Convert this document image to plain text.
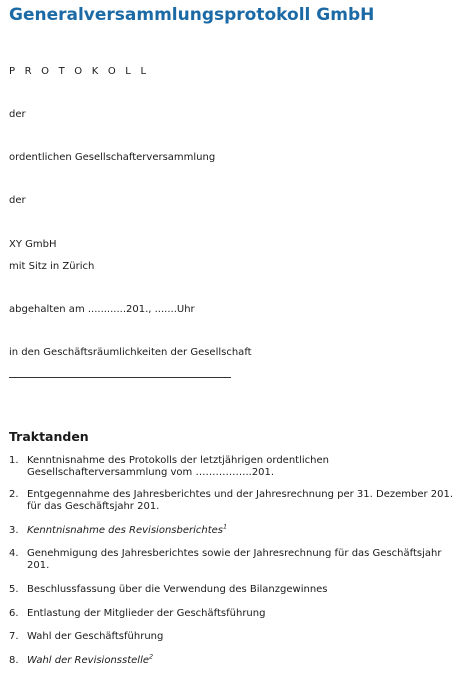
Generalversammlungsprotokoll GmbH
P R O T O K O L L
der
ordentlichen Gesellschafterversammlung
der
XY GmbH
mit Sitz in Zürich
abgehalten am ............201., .......Uhr
in den Geschäftsräumlichkeiten der Gesellschaft
Traktanden
1. Kenntnisnahme des Protokolls der letztjährigen ordentlichen Gesellschafterversammlung vom ……………..201.
2. Entgegennahme des Jahresberichtes und der Jahresrechnung per 31. Dezember 201. für das Geschäftsjahr 201.
3. Kenntnisnahme des Revisionsberichtes$^1$
4. Genehmigung des Jahresberichtes sowie der Jahresrechnung für das Geschäftsjahr 201.
5. Beschlussfassung über die Verwendung des Bilanzgewinnes
6. Entlastung der Mitglieder der Geschäftsführung
7. Wahl der Geschäftsführung
8. Wahl der Revisionsstelle$^2$
